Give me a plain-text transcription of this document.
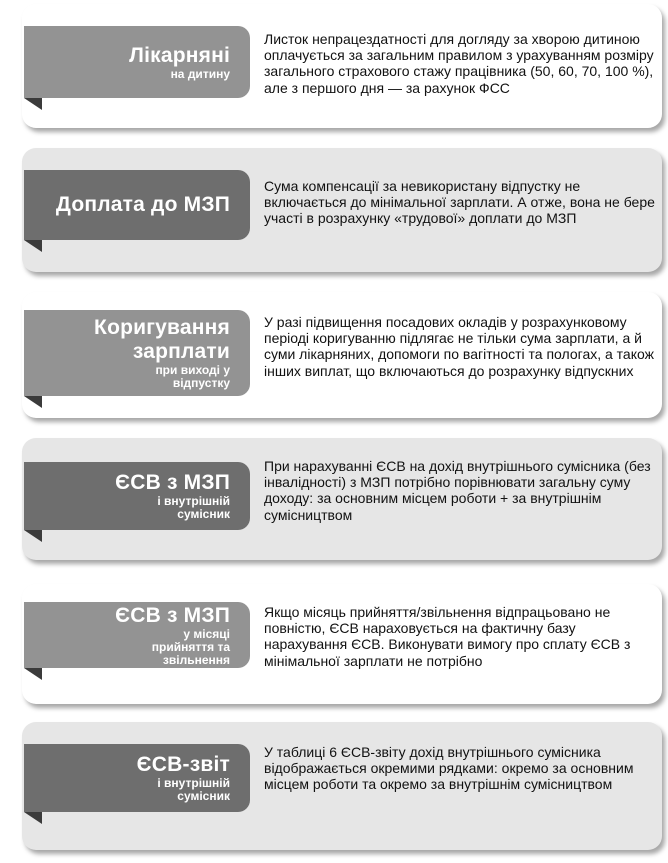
Лікарняні
на дитину
Листок непрацездатності для догляду за хворою дитиною оплачується за загальним правилом з урахуванням розміру загального страхового стажу працівника (50, 60, 70, 100 %), але з першого дня — за рахунок ФСС
Доплата до МЗП
Сума компенсації за невикористану відпустку не включається до мінімальної зарплати. А отже, вона не бере участі в розрахунку «трудової» доплати до МЗП
Коригування зарплати
при виході у відпустку
У разі підвищення посадових окладів у розрахунковому періоді коригуванню підлягає не тільки сума зарплати, а й суми лікарняних, допомоги по вагітності та пологах, а також інших виплат, що включаються до розрахунку відпускних
ЄСВ з МЗП
і внутрішній сумісник
При нарахуванні ЄСВ на дохід внутрішнього сумісника (без інвалідності) з МЗП потрібно порівнювати загальну суму доходу: за основним місцем роботи + за внутрішнім сумісництвом
ЄСВ з МЗП
у місяці прийняття та звільнення
Якщо місяць прийняття/звільнення відпрацьовано не повністю, ЄСВ нараховується на фактичну базу нарахування ЄСВ. Виконувати вимогу про сплату ЄСВ з мінімальної зарплати не потрібно
ЄСВ-звіт
і внутрішній сумісник
У таблиці 6 ЄСВ-звіту дохід внутрішнього сумісника відображається окремими рядками: окремо за основним місцем роботи та окремо за внутрішнім сумісництвом
